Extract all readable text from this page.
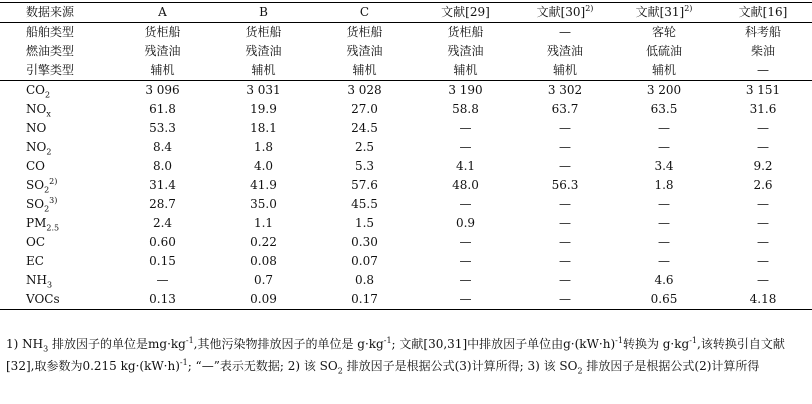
数据来源	A	B	C	文献[29]	文献$[30]^{2)}$	文献$[31]^{2)}$	文献[16]
船舶类型	货柜船	货柜船	货柜船	货柜船	—	客轮	科考船
燃油类型	残渣油	残渣油	残渣油	残渣油	残渣油	低硫油	柴油
引擎类型	辅机	辅机	辅机	辅机	辅机	辅机	—
$CO_2$	3 096	3 031	3 028	3 190	3 302	3 200	3 151
$NO_x$	61.8	19.9	27.0	58.8	63.7	63.5	31.6
NO	53.3	18.1	24.5	—	—	—	—
$NO_2$	8.4	1.8	2.5	—	—	—	—
CO	8.0	4.0	5.3	4.1	—	3.4	9.2
$SO_2^{2)}$	31.4	41.9	57.6	48.0	56.3	1.8	2.6
$SO_2^{3)}$	28.7	35.0	45.5	—	—	—	—
$PM_{2.5}$	2.4	1.1	1.5	0.9	—	—	—
OC	0.60	0.22	0.30	—	—	—	—
EC	0.15	0.08	0.07	—	—	—	—
$NH_3$	—	0.7	0.8	—	—	4.6	—
VOCs	0.13	0.09	0.17	—	—	0.65	4.18
1) $NH_3$ 排放因子的单位是$mg\cdot kg^{-1}$,其他污染物排放因子的单位是 $g\cdot kg^{-1}$; 文献[30,31]中排放因子单位由$g\cdot(kW\cdot h)^{-1}$转换为 $g\cdot kg^{-1}$,该转换引自文献[32],取参数为0.215 $kg\cdot(kW\cdot h)^{-1}$; “—”表示无数据; 2) 该 $SO_2$ 排放因子是根据公式(3)计算所得; 3) 该 $SO_2$ 排放因子是根据公式(2)计算所得
